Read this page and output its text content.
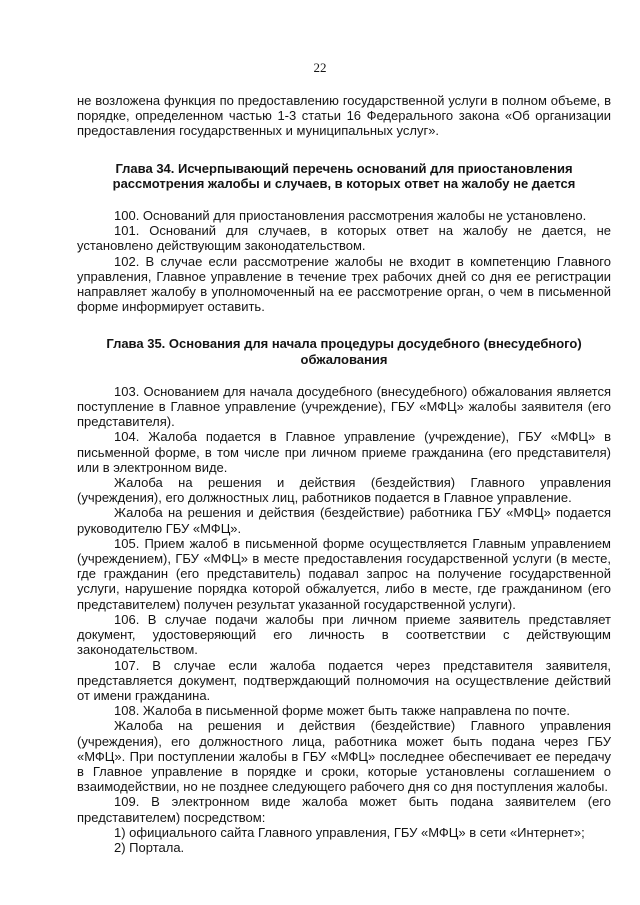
22

не возложена функция по предоставлению государственной услуги в полном объеме, в порядке, определенном частью 1-3 статьи 16 Федерального закона «Об организации предоставления государственных и муниципальных услуг».

Глава 34. Исчерпывающий перечень оснований для приостановления рассмотрения жалобы и случаев, в которых ответ на жалобу не дается

100. Оснований для приостановления рассмотрения жалобы не установлено.

101. Оснований для случаев, в которых ответ на жалобу не дается, не установлено действующим законодательством.

102. В случае если рассмотрение жалобы не входит в компетенцию Главного управления, Главное управление в течение трех рабочих дней со дня ее регистрации направляет жалобу в уполномоченный на ее рассмотрение орган, о чем в письменной форме информирует оставить.

Глава 35. Основания для начала процедуры досудебного (внесудебного) обжалования

103. Основанием для начала досудебного (внесудебного) обжалования является поступление в Главное управление (учреждение), ГБУ «МФЦ» жалобы заявителя (его представителя).

104. Жалоба подается в Главное управление (учреждение), ГБУ «МФЦ» в письменной форме, в том числе при личном приеме гражданина (его представителя) или в электронном виде.

Жалоба на решения и действия (бездействия) Главного управления (учреждения), его должностных лиц, работников подается в Главное управление.

Жалоба на решения и действия (бездействие) работника ГБУ «МФЦ» подается руководителю ГБУ «МФЦ».

105. Прием жалоб в письменной форме осуществляется Главным управлением (учреждением), ГБУ «МФЦ» в месте предоставления государственной услуги (в месте, где гражданин (его представитель) подавал запрос на получение государственной услуги, нарушение порядка которой обжалуется, либо в месте, где гражданином (его представителем) получен результат указанной государственной услуги).

106. В случае подачи жалобы при личном приеме заявитель представляет документ, удостоверяющий его личность в соответствии с действующим законодательством.

107. В случае если жалоба подается через представителя заявителя, представляется документ, подтверждающий полномочия на осуществление действий от имени гражданина.

108. Жалоба в письменной форме может быть также направлена по почте.

Жалоба на решения и действия (бездействие) Главного управления (учреждения), его должностного лица, работника может быть подана через ГБУ «МФЦ». При поступлении жалобы в ГБУ «МФЦ» последнее обеспечивает ее передачу в Главное управление в порядке и сроки, которые установлены соглашением о взаимодействии, но не позднее следующего рабочего дня со дня поступления жалобы.

109. В электронном виде жалоба может быть подана заявителем (его представителем) посредством:

1) официального сайта Главного управления, ГБУ «МФЦ» в сети «Интернет»;

2) Портала.
